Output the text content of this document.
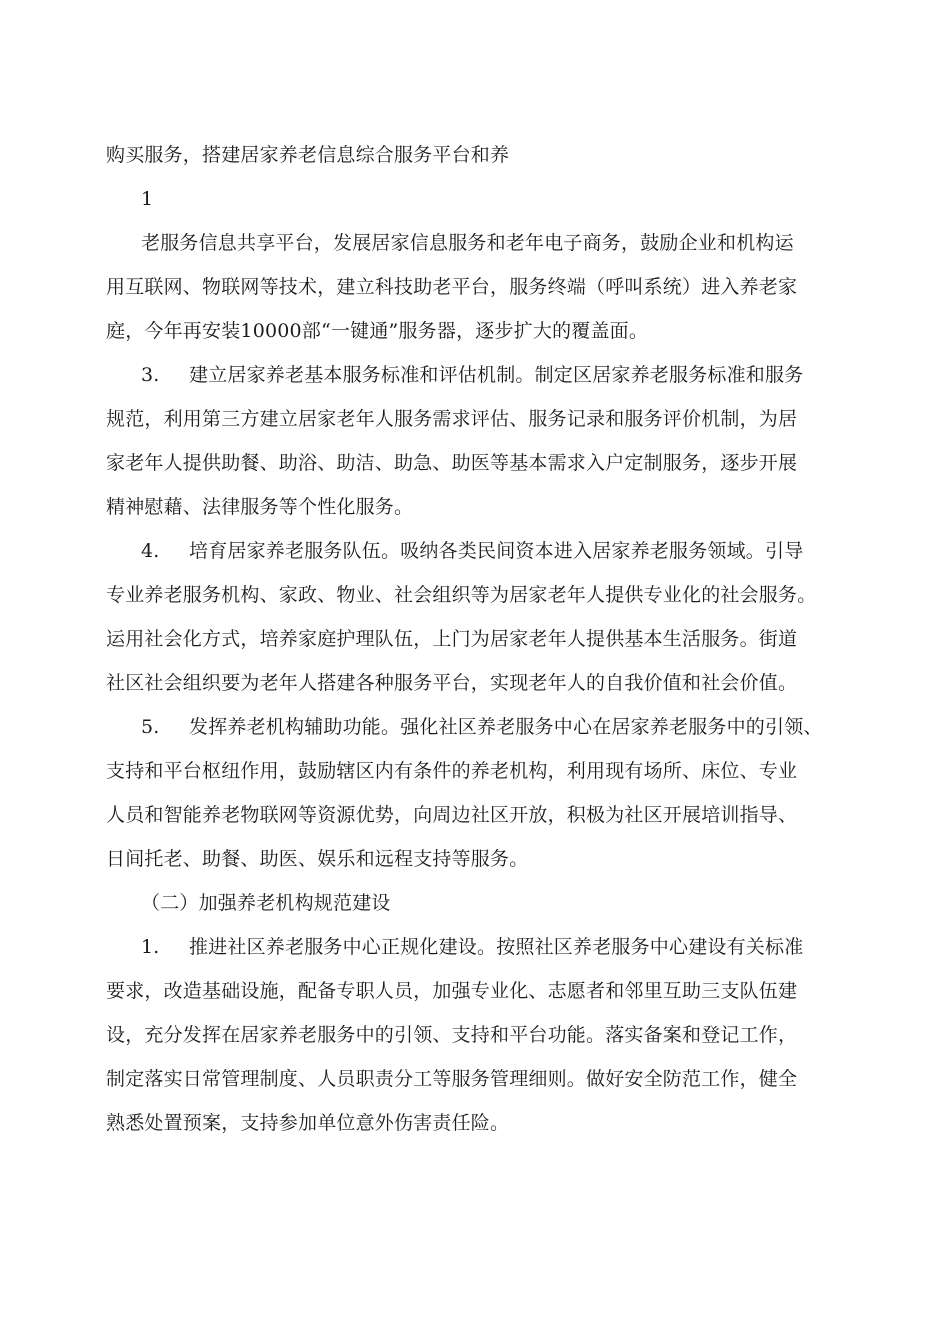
购买服务，搭建居家养老信息综合服务平台和养
1
老服务信息共享平台，发展居家信息服务和老年电子商务，鼓励企业和机构运
用互联网、物联网等技术，建立科技助老平台，服务终端（呼叫系统）进入养老家
庭，今年再安装10000部“一键通”服务器，逐步扩大的覆盖面。
3. 建立居家养老基本服务标准和评估机制。制定区居家养老服务标准和服务
规范，利用第三方建立居家老年人服务需求评估、服务记录和服务评价机制，为居
家老年人提供助餐、助浴、助洁、助急、助医等基本需求入户定制服务，逐步开展
精神慰藉、法律服务等个性化服务。
4. 培育居家养老服务队伍。吸纳各类民间资本进入居家养老服务领域。引导
专业养老服务机构、家政、物业、社会组织等为居家老年人提供专业化的社会服务。
运用社会化方式，培养家庭护理队伍，上门为居家老年人提供基本生活服务。街道
社区社会组织要为老年人搭建各种服务平台，实现老年人的自我价值和社会价值。
5. 发挥养老机构辅助功能。强化社区养老服务中心在居家养老服务中的引领、
支持和平台枢纽作用，鼓励辖区内有条件的养老机构，利用现有场所、床位、专业
人员和智能养老物联网等资源优势，向周边社区开放，积极为社区开展培训指导、
日间托老、助餐、助医、娱乐和远程支持等服务。
（二）加强养老机构规范建设
1. 推进社区养老服务中心正规化建设。按照社区养老服务中心建设有关标准
要求，改造基础设施，配备专职人员，加强专业化、志愿者和邻里互助三支队伍建
设，充分发挥在居家养老服务中的引领、支持和平台功能。落实备案和登记工作，
制定落实日常管理制度、人员职责分工等服务管理细则。做好安全防范工作，健全
熟悉处置预案，支持参加单位意外伤害责任险。
